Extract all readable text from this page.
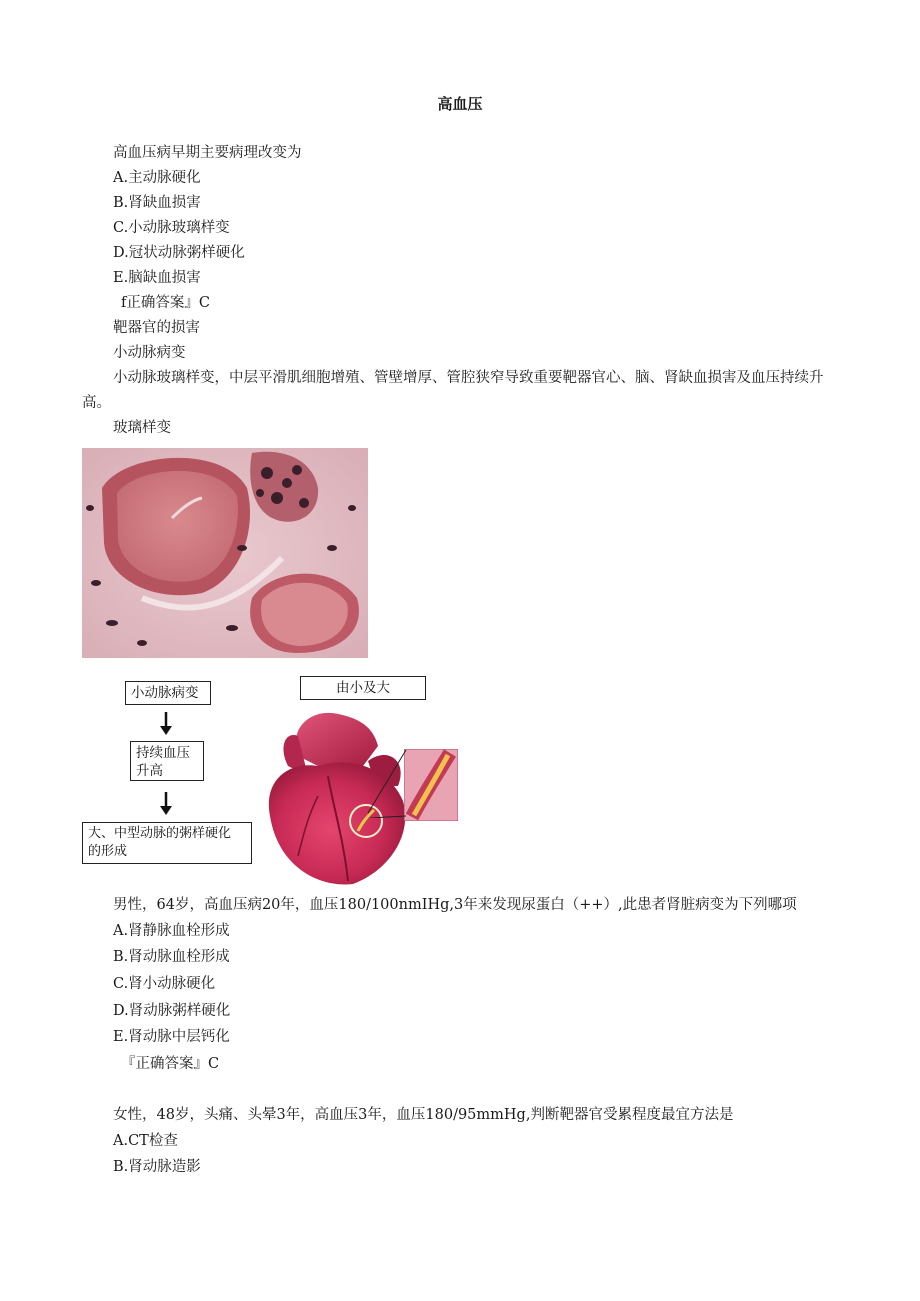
高血压
高血压病早期主要病理改变为
A.主动脉硬化
B.肾缺血损害
C.小动脉玻璃样变
D.冠状动脉粥样硬化
E.脑缺血损害
f正确答案』C
靶器官的损害
小动脉病变
小动脉玻璃样变，中层平滑肌细胞增殖、管壁增厚、管腔狭窄导致重要靶器官心、脑、肾缺血损害及血压持续升高。
玻璃样变
小动脉病变
持续血压
升高
大、中型动脉的粥样硬化
的形成
由小及大
男性，64岁，高血压病20年，血压180/100nmIHg,3年来发现尿蛋白（++）,此患者肾脏病变为下列哪项
A.肾静脉血栓形成
B.肾动脉血栓形成
C.肾小动脉硬化
D.肾动脉粥样硬化
E.肾动脉中层钙化
『正确答案』C
女性，48岁，头痛、头晕3年，高血压3年，血压180/95mmHg,判断靶器官受累程度最宜方法是
A.CT检查
B.肾动脉造影
